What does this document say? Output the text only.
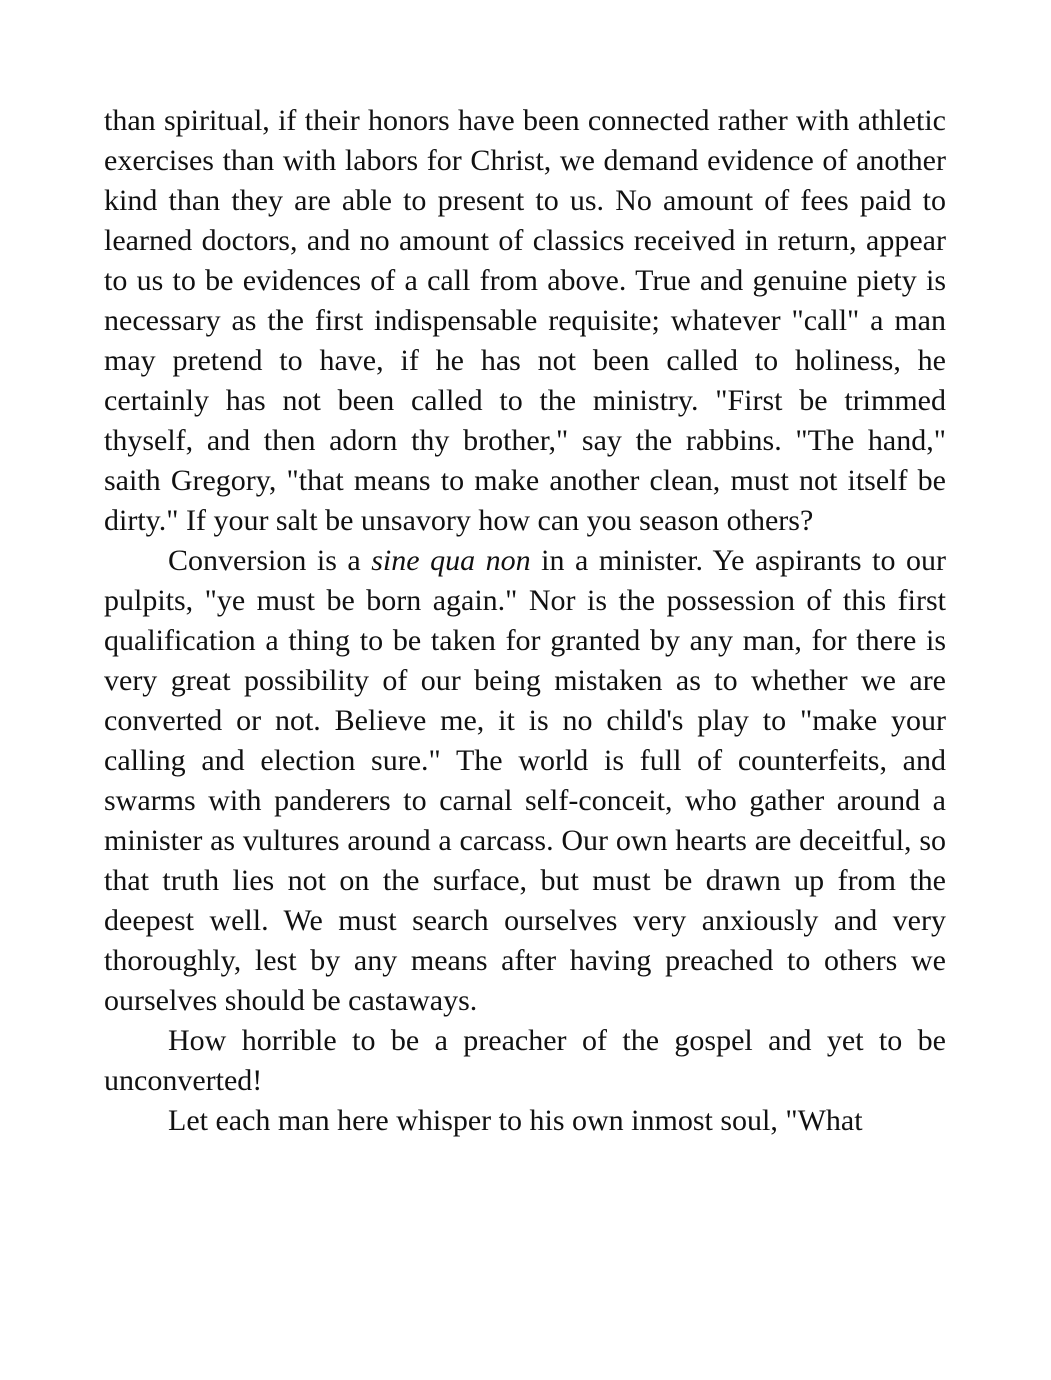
than spiritual, if their honors have been connected rather with athletic exercises than with labors for Christ, we demand evidence of another kind than they are able to present to us. No amount of fees paid to learned doctors, and no amount of classics received in return, appear to us to be evidences of a call from above. True and genuine piety is necessary as the first indispensable requisite; whatever "call" a man may pretend to have, if he has not been called to holiness, he certainly has not been called to the ministry. "First be trimmed thyself, and then adorn thy brother," say the rabbins. "The hand," saith Gregory, "that means to make another clean, must not itself be dirty." If your salt be unsavory how can you season others?

Conversion is a sine qua non in a minister. Ye aspirants to our pulpits, "ye must be born again." Nor is the possession of this first qualification a thing to be taken for granted by any man, for there is very great possibility of our being mistaken as to whether we are converted or not. Believe me, it is no child's play to "make your calling and election sure." The world is full of counterfeits, and swarms with panderers to carnal self-conceit, who gather around a minister as vultures around a carcass. Our own hearts are deceitful, so that truth lies not on the surface, but must be drawn up from the deepest well. We must search ourselves very anxiously and very thoroughly, lest by any means after having preached to others we ourselves should be castaways.

How horrible to be a preacher of the gospel and yet to be unconverted!

Let each man here whisper to his own inmost soul, "What
